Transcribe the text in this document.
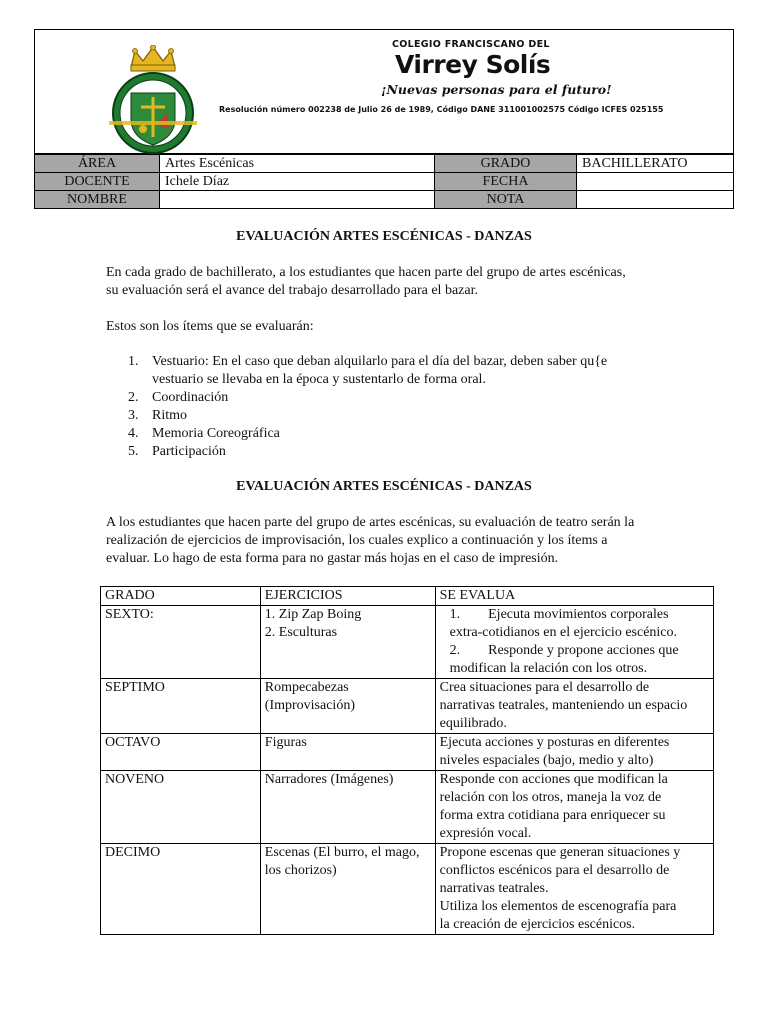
COLEGIO FRANCISCANO DEL
Virrey Solís
¡Nuevas personas para el futuro!
Resolución número 002238 de Julio 26 de 1989, Código DANE 311001002575 Código ICFES 025155
ÁREA	Artes Escénicas	GRADO	BACHILLERATO
DOCENTE	Ichele Díaz	FECHA	
NOMBRE		NOTA	
EVALUACIÓN ARTES ESCÉNICAS - DANZAS

En cada grado de bachillerato, a los estudiantes que hacen parte del grupo de artes escénicas,
su evaluación será el avance del trabajo desarrollado para el bazar.

Estos son los ítems que se evaluarán:

1. Vestuario: En el caso que deban alquilarlo para el día del bazar, deben saber qu{e
vestuario se llevaba en la época y sustentarlo de forma oral.
2. Coordinación
3. Ritmo
4. Memoria Coreográfica
5. Participación
EVALUACIÓN ARTES ESCÉNICAS - DANZAS

A los estudiantes que hacen parte del grupo de artes escénicas, su evaluación de teatro serán la
realización de ejercicios de improvisación, los cuales explico a continuación y los ítems a
evaluar. Lo hago de esta forma para no gastar más hojas en el caso de impresión.

GRADO	EJERCICIOS	SE EVALUA
SEXTO:	1. Zip Zap Boing
2. Esculturas	1.        Ejecuta movimientos corporales
extra-cotidianos en el ejercicio escénico.
2.        Responde y propone acciones que
modifican la relación con los otros.

SEPTIMO	Rompecabezas
(Improvisación)	Crea situaciones para el desarrollo de
narrativas teatrales, manteniendo un espacio
equilibrado.

OCTAVO	Figuras	Ejecuta acciones y posturas en diferentes
niveles espaciales (bajo, medio y alto)

NOVENO	Narradores (Imágenes)	Responde con acciones que modifican la
relación con los otros, maneja la voz de
forma extra cotidiana para enriquecer su
expresión vocal.

DECIMO	Escenas (El burro, el mago,
los chorizos)	Propone escenas que generan situaciones y
conflictos escénicos para el desarrollo de
narrativas teatrales.
Utiliza los elementos de escenografía para
la creación de ejercicios escénicos.
